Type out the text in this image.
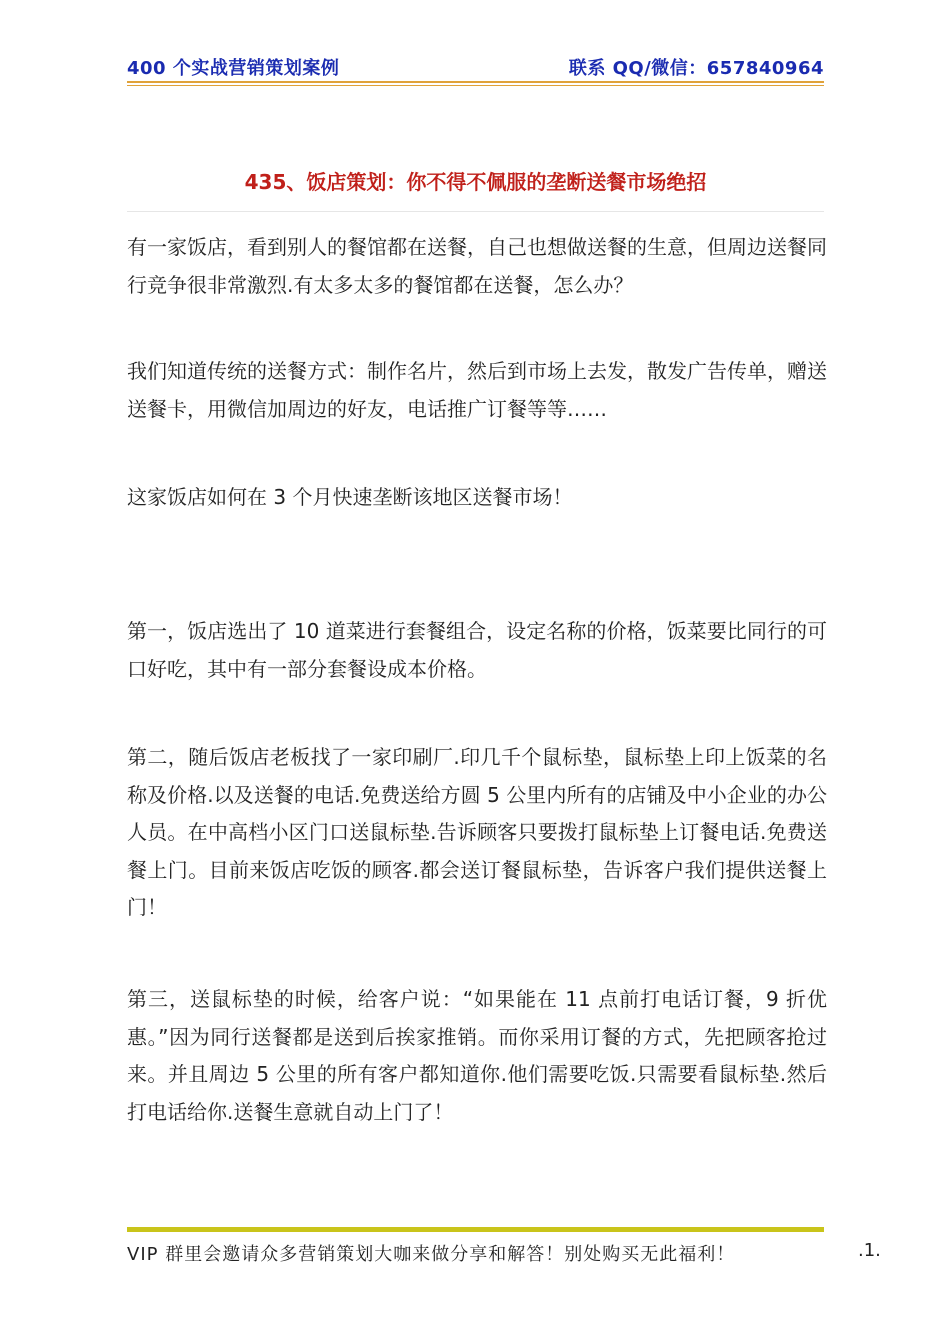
400 个实战营销策划案例	联系 QQ/微信：657840964
435、饭店策划：你不得不佩服的垄断送餐市场绝招

有一家饭店，看到别人的餐馆都在送餐，自己也想做送餐的生意，但周边送餐同行竞争很非常激烈.有太多太多的餐馆都在送餐，怎么办？

我们知道传统的送餐方式：制作名片，然后到市场上去发，散发广告传单，赠送送餐卡，用微信加周边的好友，电话推广订餐等等……

这家饭店如何在 3 个月快速垄断该地区送餐市场！

第一，饭店选出了 10 道菜进行套餐组合，设定名称的价格，饭菜要比同行的可口好吃，其中有一部分套餐设成本价格。

第二，随后饭店老板找了一家印刷厂.印几千个鼠标垫，鼠标垫上印上饭菜的名称及价格.以及送餐的电话.免费送给方圆 5 公里内所有的店铺及中小企业的办公人员。在中高档小区门口送鼠标垫.告诉顾客只要拨打鼠标垫上订餐电话.免费送餐上门。目前来饭店吃饭的顾客.都会送订餐鼠标垫，告诉客户我们提供送餐上门！

第三，送鼠标垫的时候，给客户说：“如果能在 11 点前打电话订餐，9 折优惠。”因为同行送餐都是送到后挨家推销。而你采用订餐的方式，先把顾客抢过来。并且周边 5 公里的所有客户都知道你.他们需要吃饭.只需要看鼠标垫.然后打电话给你.送餐生意就自动上门了！

VIP 群里会邀请众多营销策划大咖来做分享和解答！别处购买无此福利！	.1.
